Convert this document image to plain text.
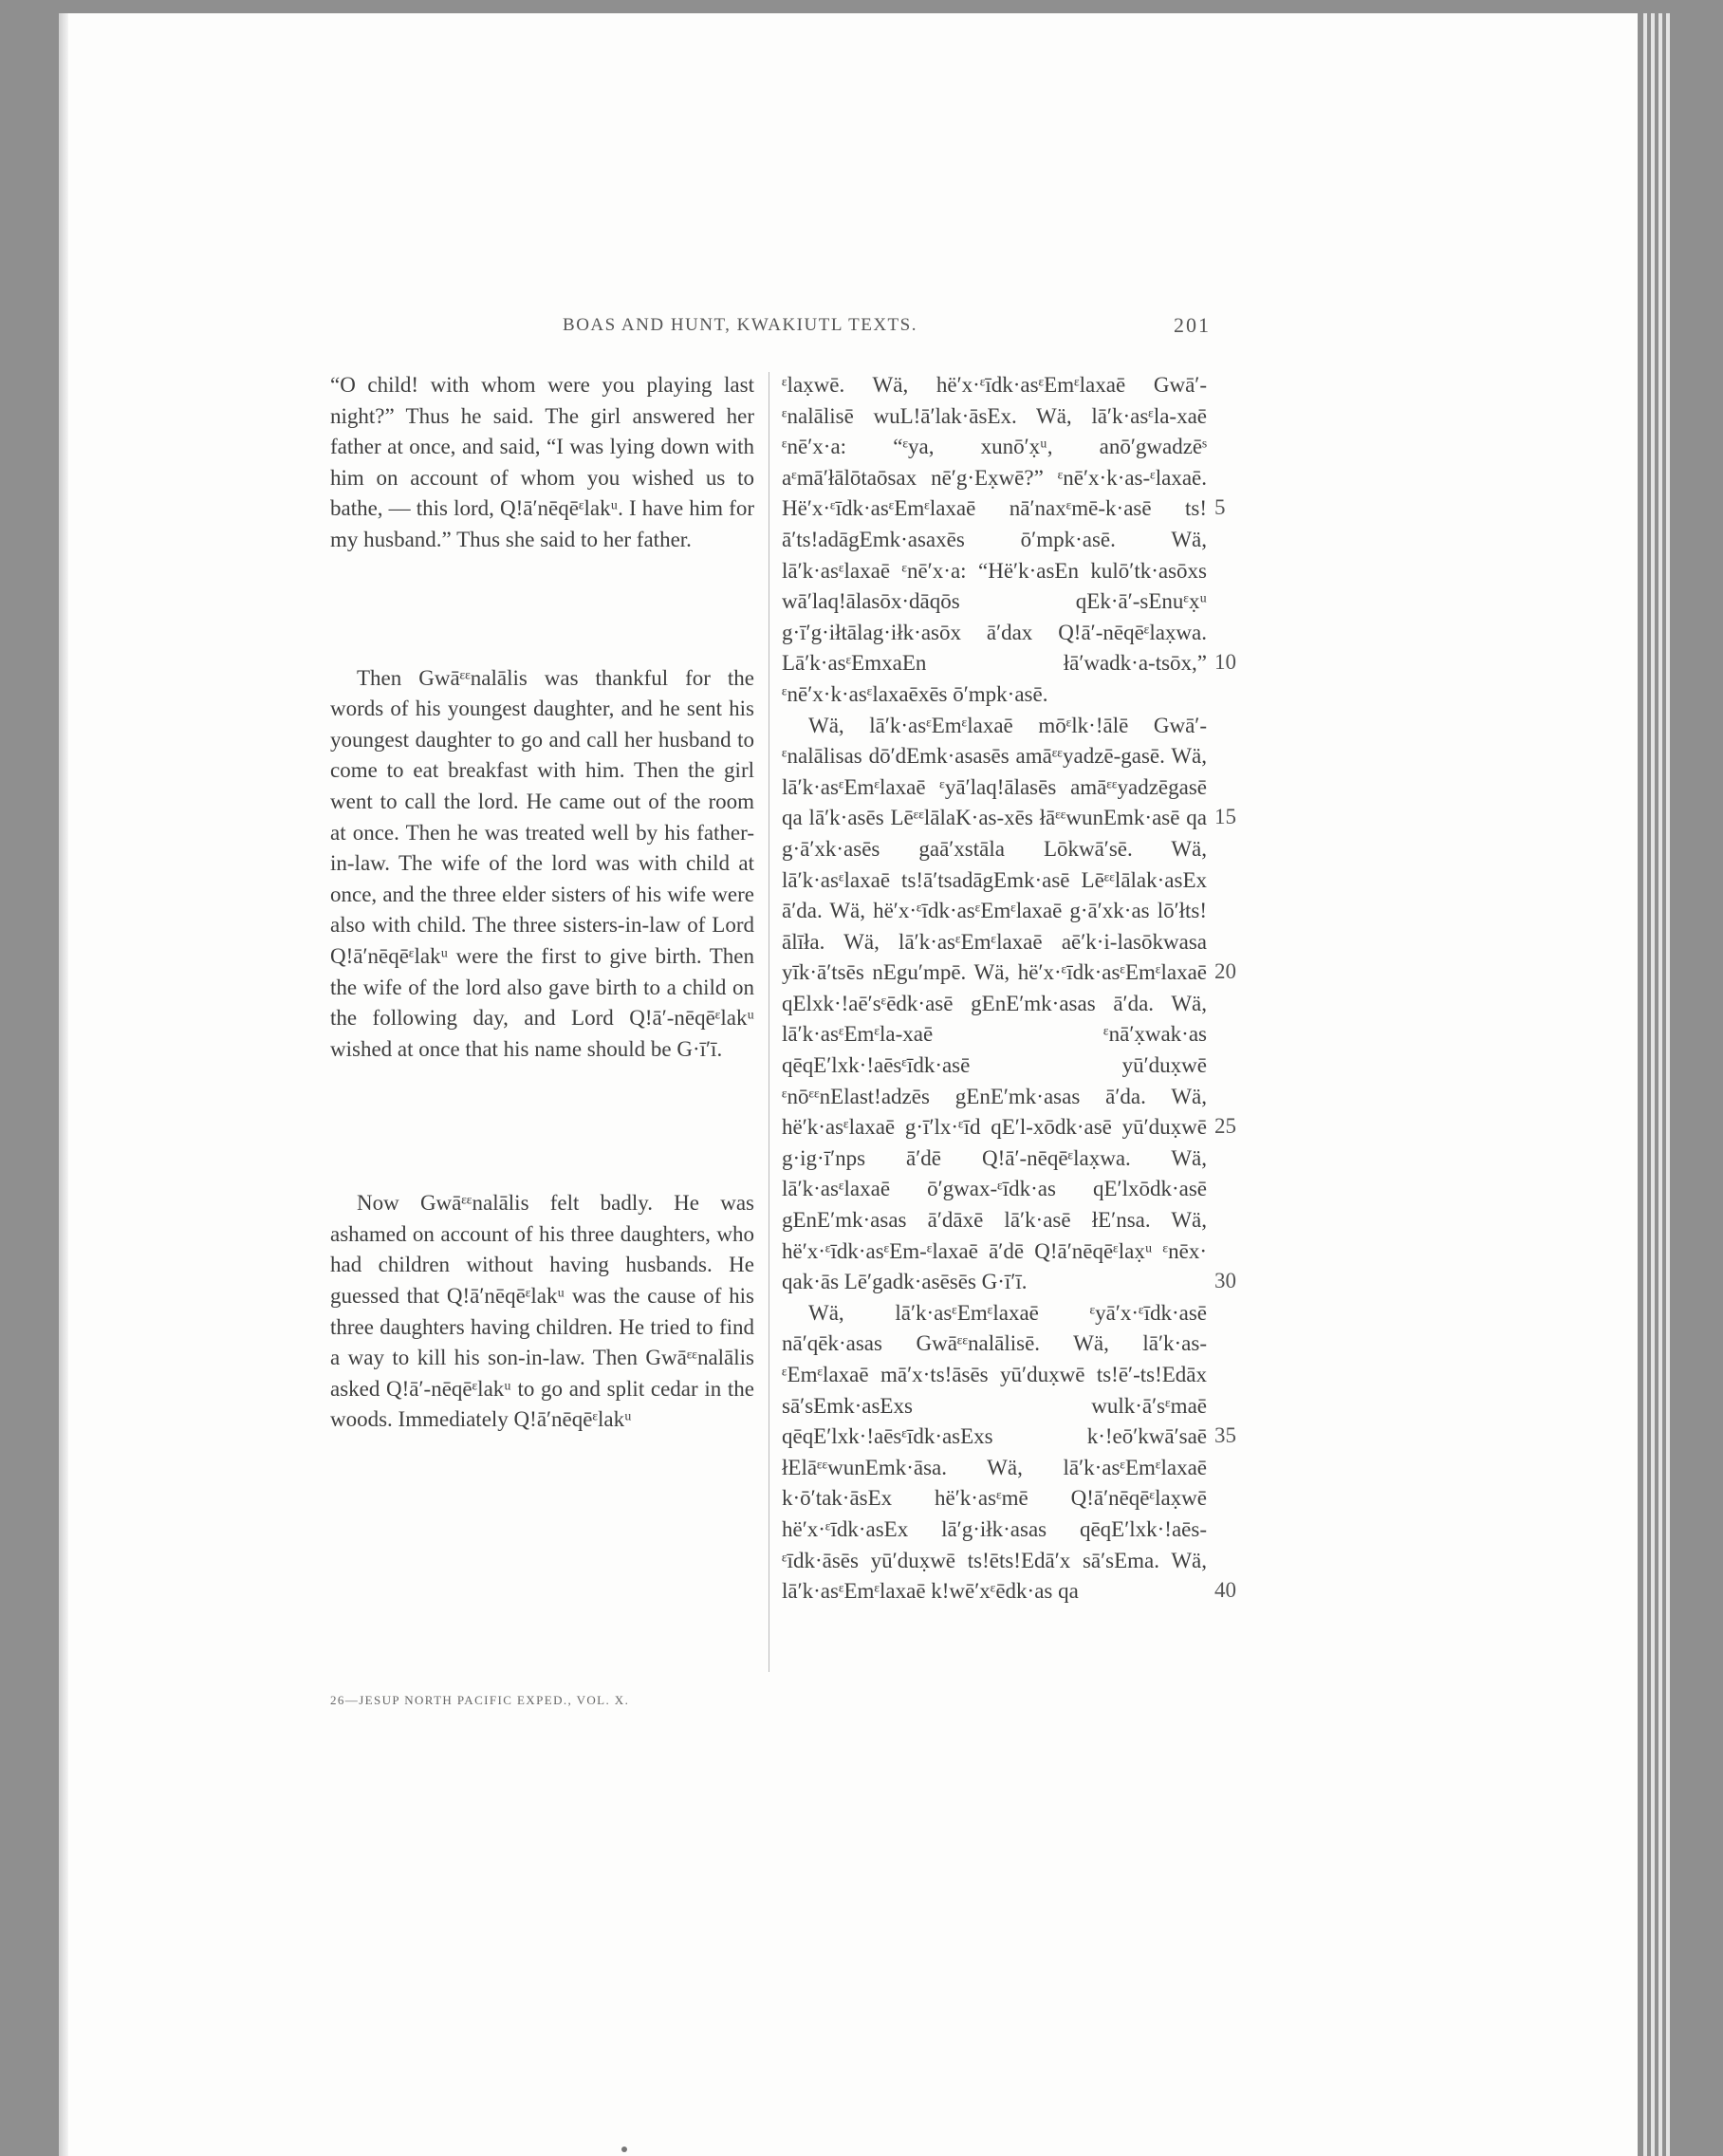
BOAS AND HUNT, KWAKIUTL TEXTS.	201

“O child! with whom were you playing last night?” Thus he said. The girl answered her father at once, and said, “I was lying down with him on account of whom you wished us to bathe, — this lord, Q!ā′nēqēᵋlakᵘ. I have him for my husband.” Thus she said to her father.

Then Gwāᵋᵋnalālis was thankful for the words of his youngest daughter, and he sent his youngest daughter to go and call her husband to come to eat breakfast with him. Then the girl went to call the lord. He came out of the room at once. Then he was treated well by his father-in-law. The wife of the lord was with child at once, and the three elder sisters of his wife were also with child. The three sisters-in-law of Lord Q!ā′nēqēᵋlakᵘ were the first to give birth. Then the wife of the lord also gave birth to a child on the following day, and Lord Q!ā′-nēqēᵋlakᵘ wished at once that his name should be G·ī′ī.

Now Gwāᵋᵋnalālis felt badly. He was ashamed on account of his three daughters, who had children without having husbands. He guessed that Q!ā′nēqēᵋlakᵘ was the cause of his three daughters having children. He tried to find a way to kill his son-in-law. Then Gwāᵋᵋnalālis asked Q!ā′-nēqēᵋlakᵘ to go and split cedar in the woods. Immediately Q!ā′nēqēᵋlakᵘ

ᵋlax̣wē. Wä, hë′x·ᵋīdk·asᵋEmᵋlaxaē Gwā′-ᵋnalālisē wuL!ā′lak·āsEx. Wä, lā′k·asᵋla-xaē ᵋnē′x·a: “ᵋya, xunō′x̣ᵘ, anō′gwadzēˢ aᵋmā′łālōtaōsax nē′g·Ex̣wē?” ᵋnē′x·k·as-ᵋlaxaē. Hë′x·ᵋīdk·asᵋEmᵋlaxaē nā′naxᵋmē-k·asē ts!ā′ts!adāgEmk·asaxēs ō′mpk·asē. Wä, lā′k·asᵋlaxaē ᵋnē′x·a: “Hë′k·asEn kulō′tk·asōxs wā′laq!ālasōx·dāqōs qEk·ā′-sEnuᵋx̣ᵘ g·ī′g·iłtālag·iłk·asōx ā′dax Q!ā′-nēqēᵋlax̣wa. Lā′k·asᵋEmxaEn łā′wadk·a-tsōx,” ᵋnē′x·k·asᵋlaxaēxēs ō′mpk·asē.

Wä, lā′k·asᵋEmᵋlaxaē mōᵋlk·!ālē Gwā′-ᵋnalālisas dō′dEmk·asasēs amāᵋᵋyadzē-gasē. Wä, lā′k·asᵋEmᵋlaxaē ᵋyā′laq!ālasēs amāᵋᵋyadzēgasē qa lā′k·asēs LēᵋᵋlālaK·as-xēs łāᵋᵋwunEmk·asē qa g·ā′xk·asēs gaā′xstāla Lōkwā′sē. Wä, lā′k·asᵋlaxaē ts!ā′tsadāgEmk·asē Lēᵋᵋlālak·asEx ā′da. Wä, hë′x·ᵋīdk·asᵋEmᵋlaxaē g·ā′xk·as lō′łts!ālīła. Wä, lā′k·asᵋEmᵋlaxaē aē′k·i-lasōkwasa yīk·ā′tsēs nEgu′mpē. Wä, hë′x·ᵋīdk·asᵋEmᵋlaxaē qElxk·!aē′sᵋēdk·asē gEnE′mk·asas ā′da. Wä, lā′k·asᵋEmᵋla-xaē ᵋnā′x̣wak·as qēqE′lxk·!aēsᵋīdk·asē yū′dux̣wē ᵋnōᵋᵋnElast!adzēs gEnE′mk·asas ā′da. Wä, hë′k·asᵋlaxaē g·ī′lx·ᵋīd qE′l-xōdk·asē yū′dux̣wē g·ig·ī′nps ā′dē Q!ā′-nēqēᵋlax̣wa. Wä, lā′k·asᵋlaxaē ō′gwax-ᵋīdk·as qE′lxōdk·asē gEnE′mk·asas ā′dāxē lā′k·asē łE′nsa. Wä, hë′x·ᵋīdk·asᵋEm-ᵋlaxaē ā′dē Q!ā′nēqēᵋlax̣ᵘ ᵋnēx· qak·ās Lē′gadk·asēsēs G·ī′ī.

Wä, lā′k·asᵋEmᵋlaxaē ᵋyā′x·ᵋīdk·asē nā′qēk·asas Gwāᵋᵋnalālisē. Wä, lā′k·as-ᵋEmᵋlaxaē mā′x·ts!āsēs yū′dux̣wē ts!ē′-ts!Edāx sā′sEmk·asExs wulk·ā′sᵋmaē qēqE′lxk·!aēsᵋīdk·asExs k·!eō′kwā′saē łElāᵋᵋwunEmk·āsa. Wä, lā′k·asᵋEmᵋlaxaē k·ō′tak·āsEx hë′k·asᵋmē Q!ā′nēqēᵋlax̣wē hë′x·ᵋīdk·asEx lā′g·iłk·asas qēqE′lxk·!aēs-ᵋīdk·āsēs yū′dux̣wē ts!ēts!Edā′x sā′sEma. Wä, lā′k·asᵋEmᵋlaxaē k!wē′xᵋēdk·as qa

5
10
15
20
25
30
35
40
26—JESUP NORTH PACIFIC EXPED., VOL. X.
